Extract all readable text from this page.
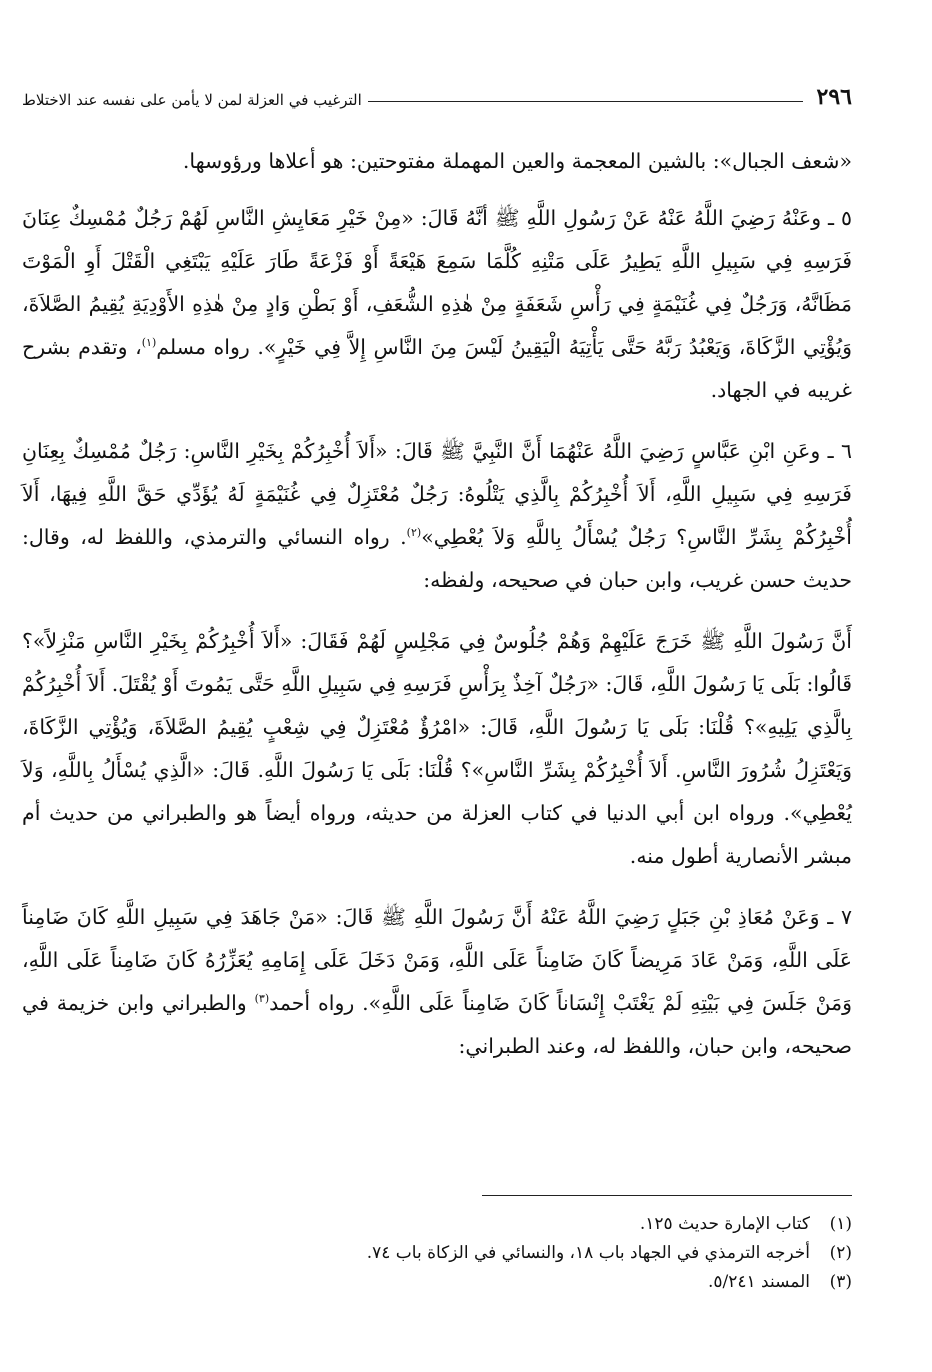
٢٩٦
الترغيب في العزلة لمن لا يأمن على نفسه عند الاختلاط

«شعف الجبال»: بالشين المعجمة والعين المهملة مفتوحتين: هو أعلاها ورؤوسها.

٥ ـ وعَنْهُ رَضِيَ اللَّهُ عَنْهُ عَنْ رَسُولِ اللَّهِ ﷺ أنَّهُ قَالَ: «مِنْ خَيْرِ مَعَايِشِ النَّاسِ لَهُمْ رَجُلٌ مُمْسِكٌ عِنَانَ فَرَسِهِ فِي سَبِيلِ اللَّهِ يَطِيرُ عَلَى مَتْنِهِ كُلَّمَا سَمِعَ هَيْعَةً أَوْ فَزْعَةً طَارَ عَلَيْهِ يَبْتَغِي الْقَتْلَ أَوِ الْمَوْتَ مَظَانَّهُ، وَرَجُلٌ فِي غُنَيْمَةٍ فِي رَأْسِ شَعَفَةٍ مِنْ هٰذِهِ الشُّعَفِ، أَوْ بَطْنِ وَادٍ مِنْ هٰذِهِ الأَوْدِيَةِ يُقِيمُ الصَّلاَةَ، وَيُؤْتِي الزَّكَاةَ، وَيَعْبُدُ رَبَّهُ حَتَّى يَأْتِيَهُ الْيَقِينُ لَيْسَ مِنَ النَّاسِ إِلاَّ فِي خَيْرٍ». رواه مسلم$^{(١)}$، وتقدم بشرح غريبه في الجهاد.

٦ ـ وعَنِ ابْنِ عَبَّاسٍ رَضِيَ اللَّهُ عَنْهُمَا أَنَّ النَّبِيَّ ﷺ قَالَ: «أَلاَ أُخْبِرُكُمْ بِخَيْرِ النَّاسِ: رَجُلٌ مُمْسِكٌ بِعِنَانِ فَرَسِهِ فِي سَبِيلِ اللَّهِ، أَلاَ أُخْبِرُكُمْ بِالَّذِي يَتْلُوهُ: رَجُلٌ مُعْتَزِلٌ فِي غُنَيْمَةٍ لَهُ يُؤَدِّي حَقَّ اللَّهِ فِيهَا، أَلاَ أُخْبِرُكُمْ بِشَرِّ النَّاسِ؟ رَجُلٌ يُسْأَلُ بِاللَّهِ وَلاَ يُعْطِي»$^{(٢)}$. رواه النسائي والترمذي، واللفظ له، وقال: حديث حسن غريب، وابن حبان في صحيحه، ولفظه:

أَنَّ رَسُولَ اللَّهِ ﷺ خَرَجَ عَلَيْهِمْ وَهُمْ جُلُوسٌ فِي مَجْلِسٍ لَهُمْ فَقَالَ: «أَلاَ أُخْبِرُكُمْ بِخَيْرِ النَّاسِ مَنْزِلاً»؟ قَالُوا: بَلَى يَا رَسُولَ اللَّهِ، قَالَ: «رَجُلٌ آخِذٌ بِرَأْسِ فَرَسِهِ فِي سَبِيلِ اللَّهِ حَتَّى يَمُوتَ أَوْ يُقْتَلَ. أَلاَ أُخْبِرُكُمْ بِالَّذِي يَلِيهِ»؟ قُلْنَا: بَلَى يَا رَسُولَ اللَّهِ، قَالَ: «امْرُؤٌ مُعْتَزِلٌ فِي شِعْبٍ يُقِيمُ الصَّلاَةَ، وَيُؤْتِي الزَّكَاةَ، وَيَعْتَزِلُ شُرُورَ النَّاسِ. أَلاَ أُخْبِرُكُمْ بِشَرِّ النَّاسِ»؟ قُلْنَا: بَلَى يَا رَسُولَ اللَّهِ. قَالَ: «الَّذِي يُسْأَلُ بِاللَّهِ، وَلاَ يُعْطِي». ورواه ابن أبي الدنيا في كتاب العزلة من حديثه، ورواه أيضاً هو والطبراني من حديث أم مبشر الأنصارية أطول منه.

٧ ـ وَعَنْ مُعَاذِ بْنِ جَبَلٍ رَضِيَ اللَّهُ عَنْهُ أَنَّ رَسُولَ اللَّهِ ﷺ قَالَ: «مَنْ جَاهَدَ فِي سَبِيلِ اللَّهِ كَانَ ضَامِناً عَلَى اللَّهِ، وَمَنْ عَادَ مَرِيضاً كَانَ ضَامِناً عَلَى اللَّهِ، وَمَنْ دَخَلَ عَلَى إِمَامِهِ يُعَزِّرُهُ كَانَ ضَامِناً عَلَى اللَّهِ، وَمَنْ جَلَسَ فِي بَيْتِهِ لَمْ يَغْتَبْ إِنْسَاناً كَانَ ضَامِناً عَلَى اللَّهِ». رواه أحمد$^{(٣)}$ والطبراني وابن خزيمة في صحيحه، وابن حبان، واللفظ له، وعند الطبراني:

(١)
كتاب الإمارة حديث ١٢٥.
(٢)
أخرجه الترمذي في الجهاد باب ١٨، والنسائي في الزكاة باب ٧٤.
(٣)
المسند ٥/٢٤١.
